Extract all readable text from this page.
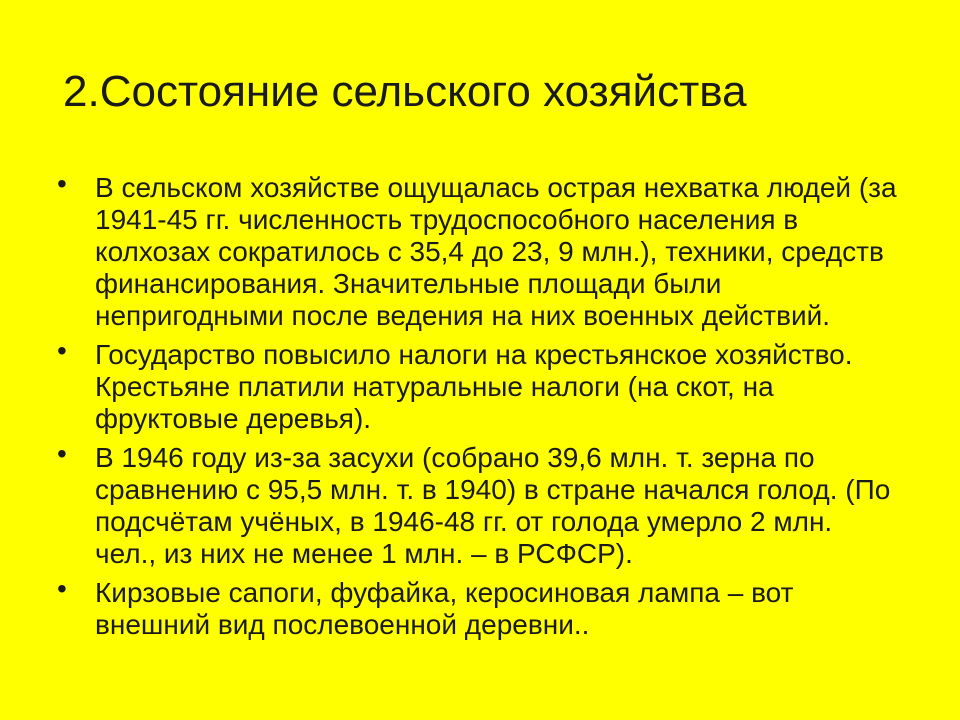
2.Состояние сельского хозяйства
• В сельском хозяйстве ощущалась острая нехватка людей (за 1941-45 гг. численность трудоспособного населения в колхозах сократилось с 35,4 до 23, 9 млн.), техники, средств финансирования. Значительные площади были непригодными после ведения на них военных действий.
• Государство повысило налоги на крестьянское хозяйство. Крестьяне платили натуральные налоги (на скот, на фруктовые деревья).
• В 1946 году из-за засухи (собрано 39,6 млн. т. зерна по сравнению с 95,5 млн. т. в 1940) в стране начался голод. (По подсчётам учёных, в 1946-48 гг. от голода умерло 2 млн. чел., из них не менее 1 млн. – в РСФСР).
• Кирзовые сапоги, фуфайка, керосиновая лампа – вот внешний вид послевоенной деревни..
